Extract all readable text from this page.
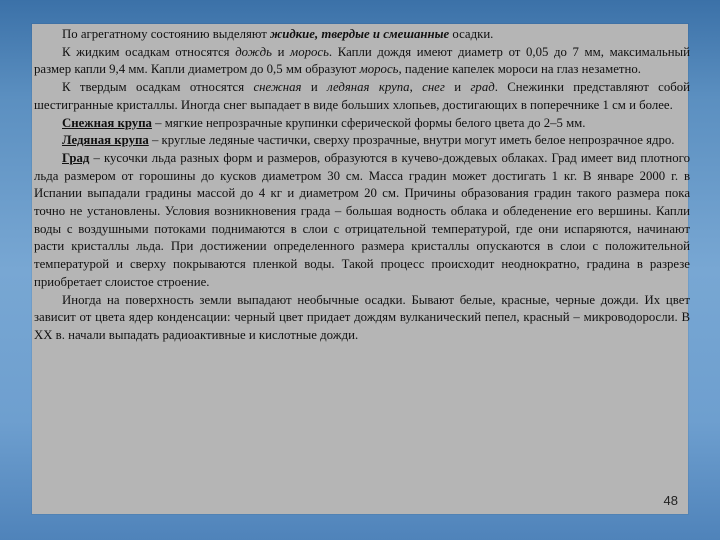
По агрегатному состоянию выделяют жидкие, твердые и смешанные осадки.

К жидким осадкам относятся дождь и морось. Капли дождя имеют диаметр от 0,05 до 7 мм, максимальный размер капли 9,4 мм. Капли диаметром до 0,5 мм образуют морось, падение капелек мороси на глаз незаметно.

К твердым осадкам относятся снежная и ледяная крупа, снег и град. Снежинки представляют собой шестигранные кристаллы. Иногда снег выпадает в виде больших хлопьев, достигающих в поперечнике 1 см и более.

Снежная крупа – мягкие непрозрачные крупинки сферической формы белого цвета до 2–5 мм.

Ледяная крупа – круглые ледяные частички, сверху прозрачные, внутри могут иметь белое непрозрачное ядро.

Град – кусочки льда разных форм и размеров, образуются в кучево-дождевых облаках. Град имеет вид плотного льда размером от горошины до кусков диаметром 30 см. Масса градин может достигать 1 кг. В январе 2000 г. в Испании выпадали градины массой до 4 кг и диаметром 20 см. Причины образования градин такого размера пока точно не установлены. Условия возникновения града – большая водность облака и обледенение его вершины. Капли воды с воздушными потоками поднимаются в слои с отрицательной температурой, где они испаряются, начинают расти кристаллы льда. При достижении определенного размера кристаллы опускаются в слои с положительной температурой и сверху покрываются пленкой воды. Такой процесс происходит неоднократно, градина в разрезе приобретает слоистое строение.

Иногда на поверхность земли выпадают необычные осадки. Бывают белые, красные, черные дожди. Их цвет зависит от цвета ядер конденсации: черный цвет придает дождям вулканический пепел, красный – микроводоросли. В XX в. начали выпадать радиоактивные и кислотные дожди.

48
